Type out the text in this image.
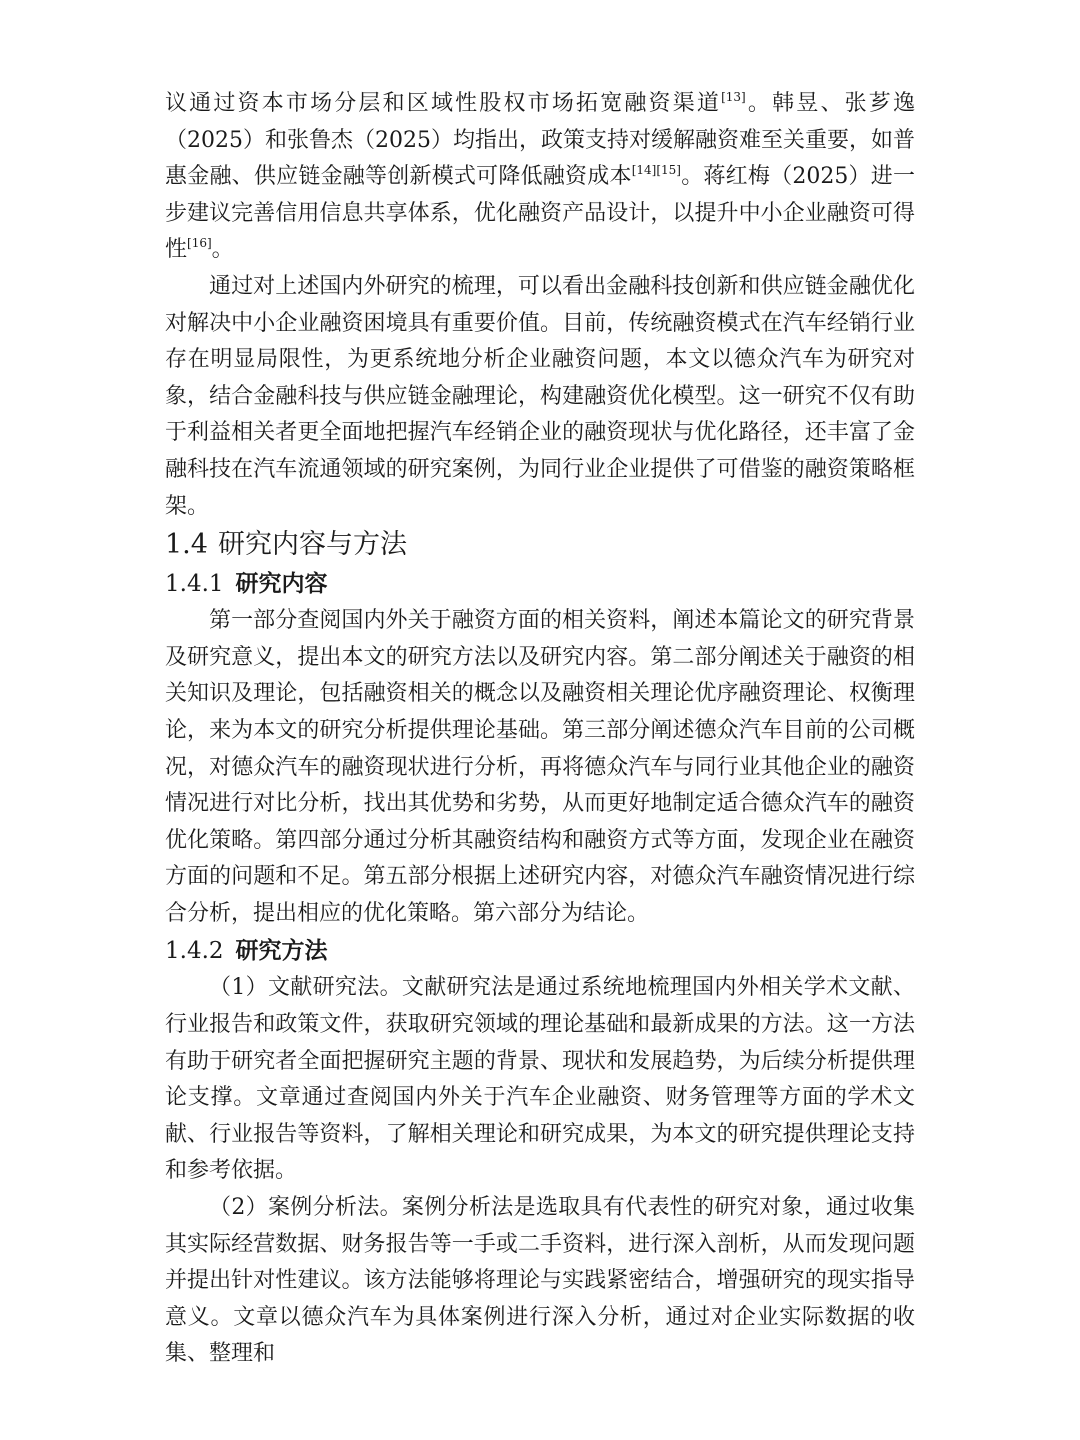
议通过资本市场分层和区域性股权市场拓宽融资渠道[13]。韩昱、张芗逸（2025）和张鲁杰（2025）均指出，政策支持对缓解融资难至关重要，如普惠金融、供应链金融等创新模式可降低融资成本[14][15]。蒋红梅（2025）进一步建议完善信用信息共享体系，优化融资产品设计，以提升中小企业融资可得性[16]。

通过对上述国内外研究的梳理，可以看出金融科技创新和供应链金融优化对解决中小企业融资困境具有重要价值。目前，传统融资模式在汽车经销行业存在明显局限性，为更系统地分析企业融资问题，本文以德众汽车为研究对象，结合金融科技与供应链金融理论，构建融资优化模型。这一研究不仅有助于利益相关者更全面地把握汽车经销企业的融资现状与优化路径，还丰富了金融科技在汽车流通领域的研究案例，为同行业企业提供了可借鉴的融资策略框架。

1.4 研究内容与方法
1.4.1 研究内容

第一部分查阅国内外关于融资方面的相关资料，阐述本篇论文的研究背景及研究意义，提出本文的研究方法以及研究内容。第二部分阐述关于融资的相关知识及理论，包括融资相关的概念以及融资相关理论优序融资理论、权衡理论，来为本文的研究分析提供理论基础。第三部分阐述德众汽车目前的公司概况，对德众汽车的融资现状进行分析，再将德众汽车与同行业其他企业的融资情况进行对比分析，找出其优势和劣势，从而更好地制定适合德众汽车的融资优化策略。第四部分通过分析其融资结构和融资方式等方面，发现企业在融资方面的问题和不足。第五部分根据上述研究内容，对德众汽车融资情况进行综合分析，提出相应的优化策略。第六部分为结论。

1.4.2 研究方法

（1）文献研究法。文献研究法是通过系统地梳理国内外相关学术文献、行业报告和政策文件，获取研究领域的理论基础和最新成果的方法。这一方法有助于研究者全面把握研究主题的背景、现状和发展趋势，为后续分析提供理论支撑。文章通过查阅国内外关于汽车企业融资、财务管理等方面的学术文献、行业报告等资料，了解相关理论和研究成果，为本文的研究提供理论支持和参考依据。

（2）案例分析法。案例分析法是选取具有代表性的研究对象，通过收集其实际经营数据、财务报告等一手或二手资料，进行深入剖析，从而发现问题并提出针对性建议。该方法能够将理论与实践紧密结合，增强研究的现实指导意义。文章以德众汽车为具体案例进行深入分析，通过对企业实际数据的收集、整理和
